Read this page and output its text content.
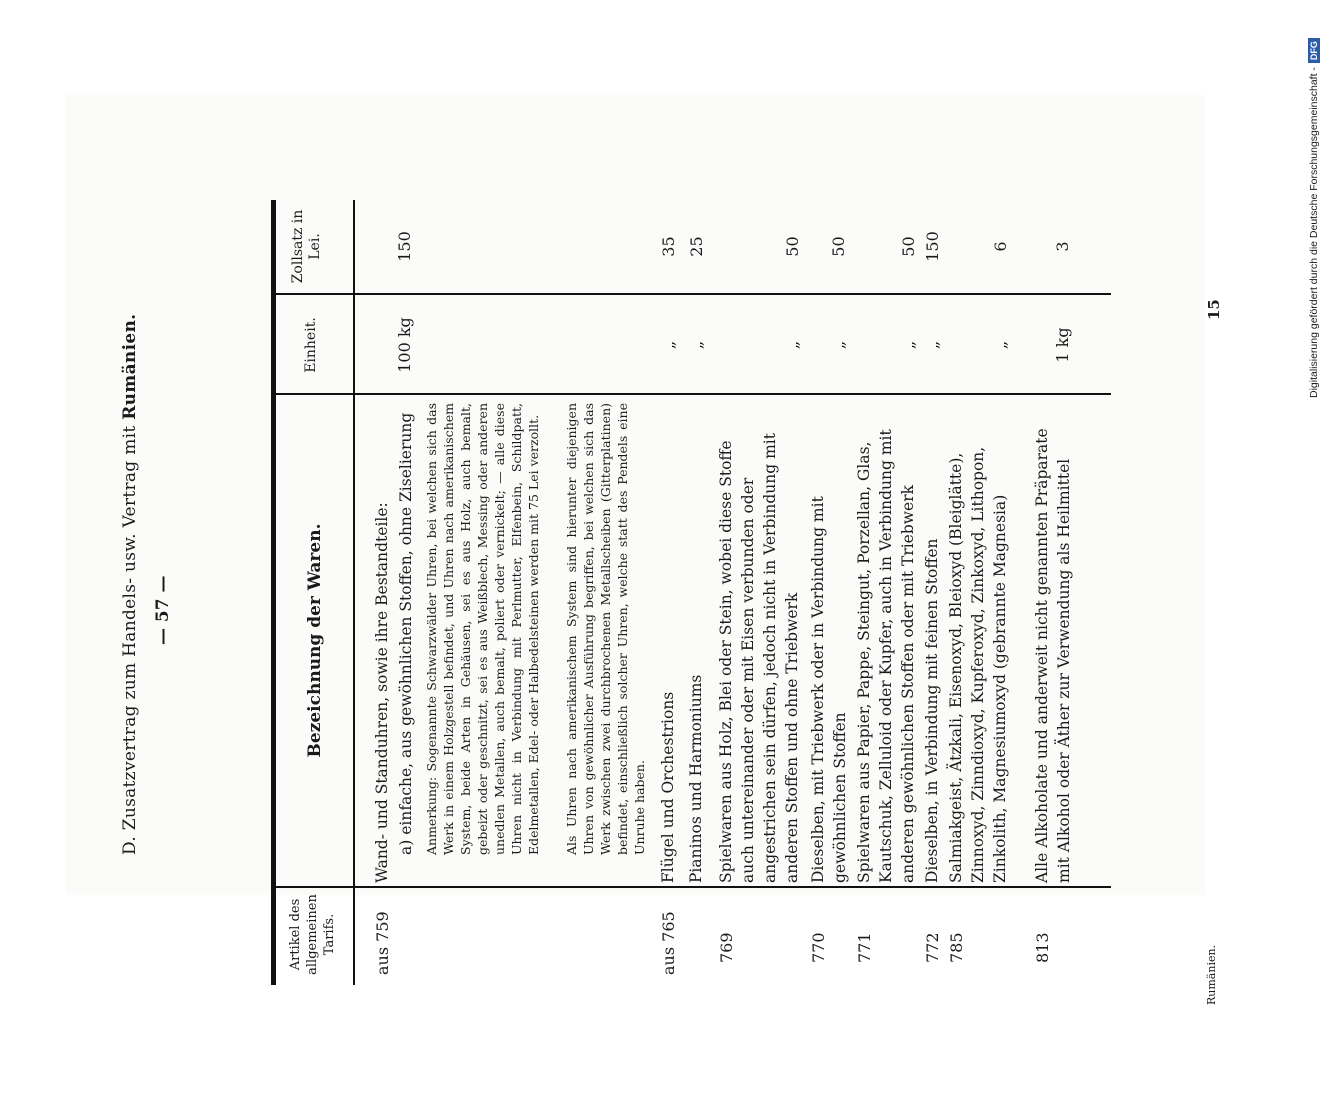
D. Zusatzvertrag zum Handels- usw. Vertrag mit Rumänien.
— 57 —
Artikel des allgemeinen Tarifs.
Bezeichnung der Waren.
Einheit.
Zollsatz in Lei.
aus 759
Wand- und Standuhren, sowie ihre Bestandteile: a) einfache, aus gewöhnlichen Stoffen, ohne Ziselierung
100 kg
150
Anmerkung: Sogenannte Schwarzwälder Uhren, bei welchen sich das Werk in einem Holzgestell befindet, und Uhren nach amerikanischem System, beide Arten in Gehäusen, sei es aus Holz, auch bemalt, gebeizt oder geschnitzt, sei es aus Weißblech, Messing oder anderen unedlen Metallen, auch bemalt, poliert oder vernickelt; — alle diese Uhren nicht in Verbindung mit Perlmutter, Elfenbein, Schildpatt, Edelmetallen, Edel- oder Halbedelsteinen werden mit 75 Lei verzollt. Als Uhren nach amerikanischem System sind hierunter diejenigen Uhren von gewöhnlicher Ausführung begriffen, bei welchen sich das Werk zwischen zwei durchbrochenen Metallscheiben (Gitterplatinen) befindet, einschließlich solcher Uhren, welche statt des Pendels eine Unruhe haben.
aus 765
Flügel und Orchestrions
„
35
Pianinos und Harmoniums
„
25
769
Spielwaren aus Holz, Blei oder Stein, wobei diese Stoffe auch untereinander oder mit Eisen verbunden oder angestrichen sein dürfen, jedoch nicht in Verbindung mit anderen Stoffen und ohne Triebwerk
„
50
770
Dieselben, mit Triebwerk oder in Verbindung mit gewöhnlichen Stoffen
„
50
771
Spielwaren aus Papier, Pappe, Steingut, Porzellan, Glas, Kautschuk, Zelluloid oder Kupfer, auch in Verbindung mit anderen gewöhnlichen Stoffen oder mit Triebwerk
„
50
772
Dieselben, in Verbindung mit feinen Stoffen
„
150
785
Salmiakgeist, Ätzkali, Eisenoxyd, Bleioxyd (Bleiglätte), Zinnoxyd, Zinndioxyd, Kupferoxyd, Zinkoxyd, Lithopon, Zinkolith, Magnesiumoxyd (gebrannte Magnesia)
„
6
813
Alle Alkoholate und anderweit nicht genannten Präparate mit Alkohol oder Äther zur Verwendung als Heilmittel
1 kg
3
Rumänien.
15	Digitalisierung gefördert durch die Deutsche Forschungsgemeinschaft -
DFG
